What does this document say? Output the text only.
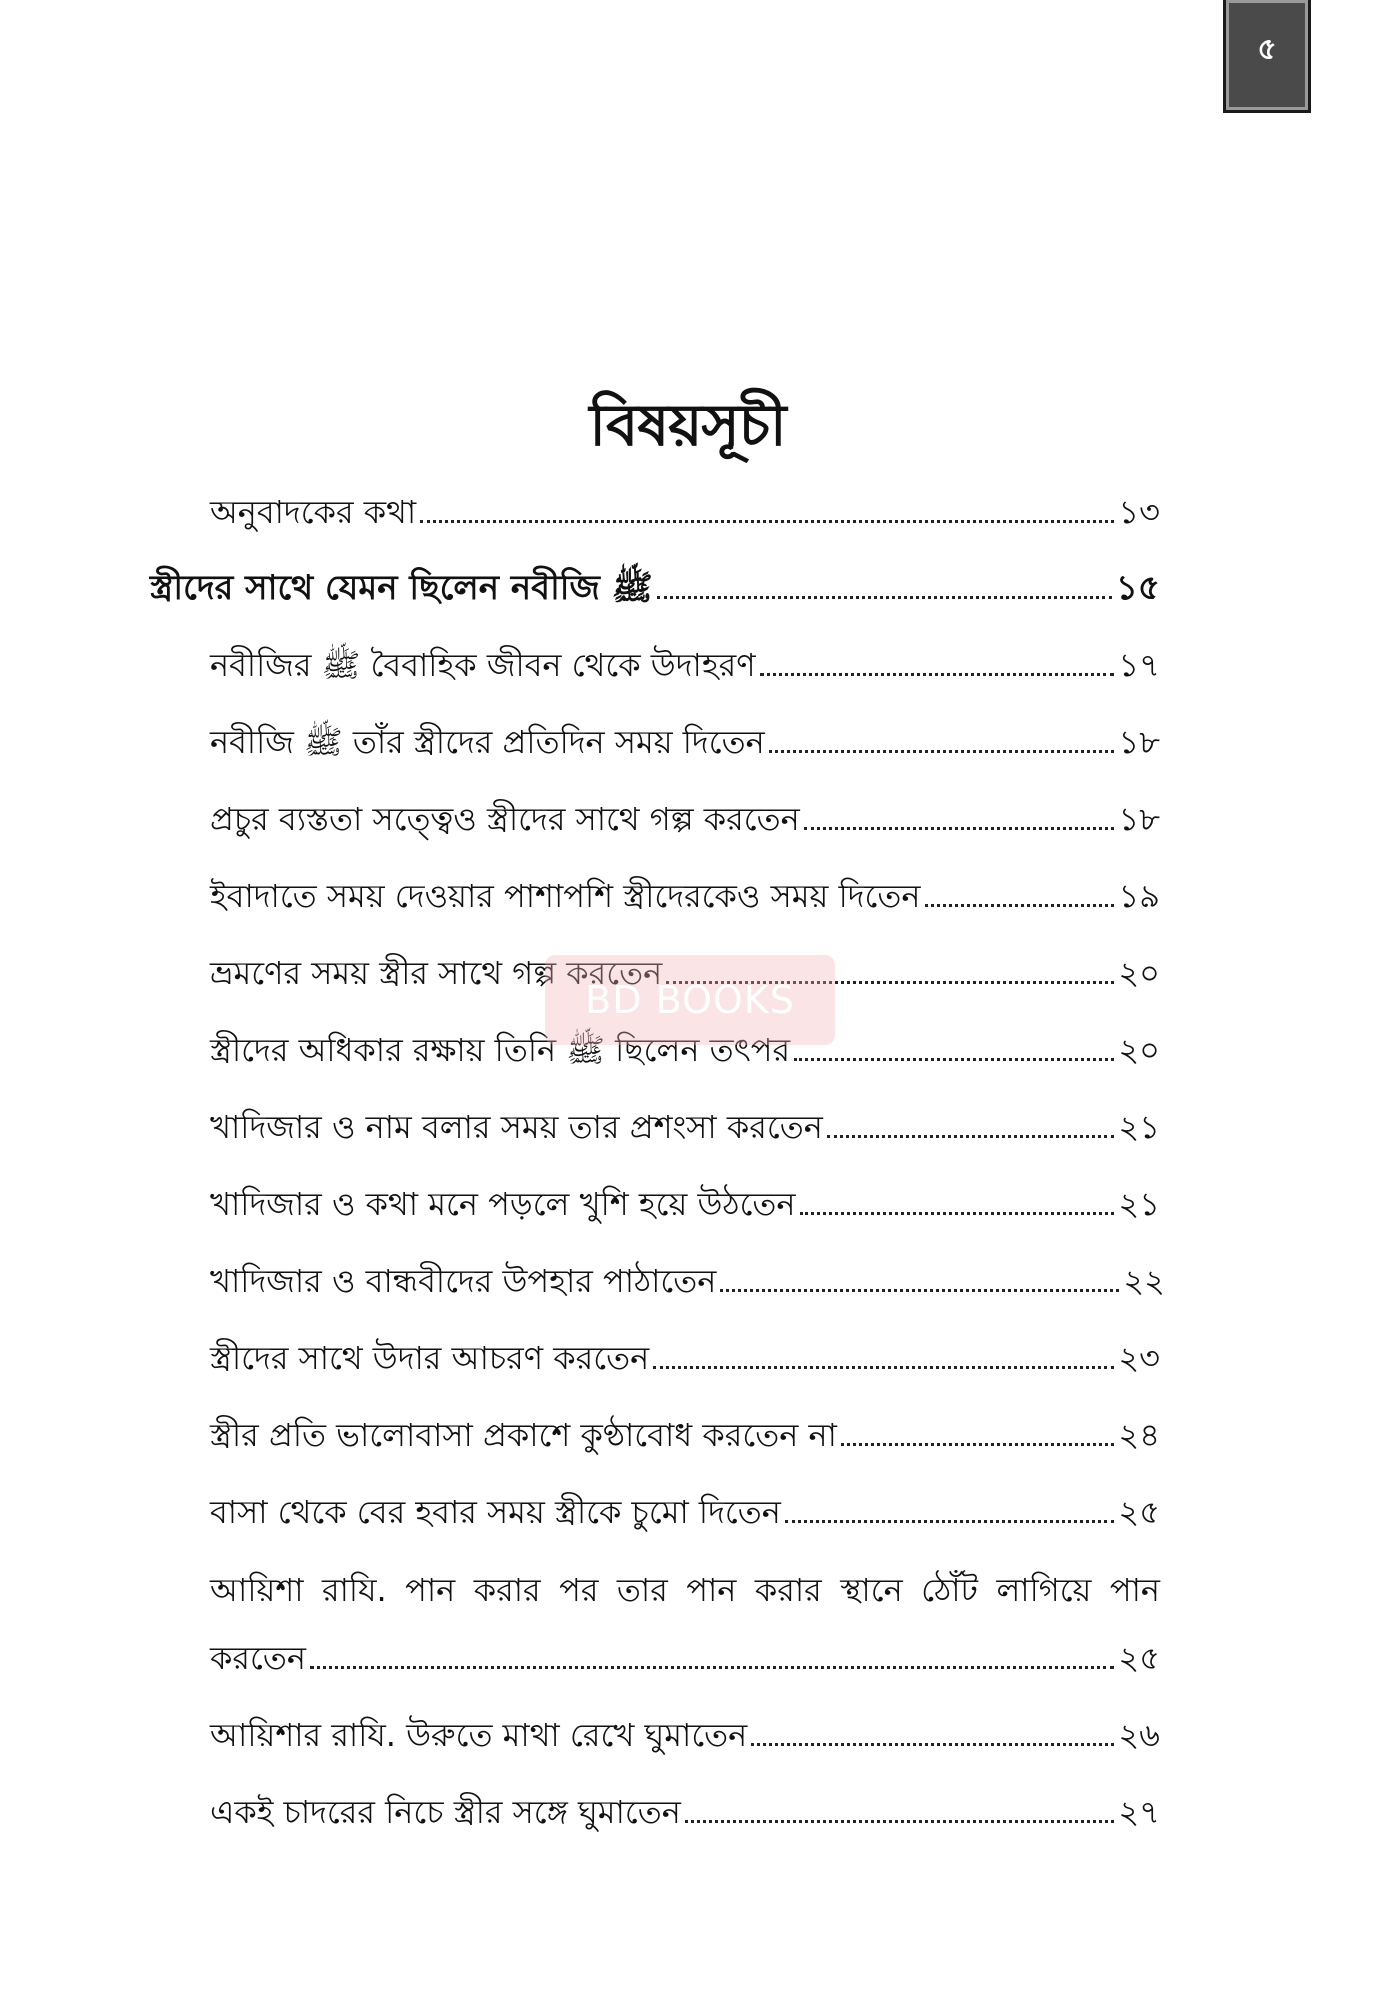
৫
বিষয়সূচী
অনুবাদকের কথা	১৩
স্ত্রীদের সাথে যেমন ছিলেন নবীজি ﷺ	১৫
নবীজির ﷺ বৈবাহিক জীবন থেকে উদাহরণ	১৭
নবীজি ﷺ তাঁর স্ত্রীদের প্রতিদিন সময় দিতেন	১৮
প্রচুর ব্যস্ততা সত্ত্বেও স্ত্রীদের সাথে গল্প করতেন	১৮
ইবাদাতে সময় দেওয়ার পাশাপশি স্ত্রীদেরকেও সময় দিতেন	১৯
ভ্রমণের সময় স্ত্রীর সাথে গল্প করতেন	২০
স্ত্রীদের অধিকার রক্ষায় তিনি ﷺ ছিলেন তৎপর	২০
খাদিজার ও নাম বলার সময় তার প্রশংসা করতেন	২১
খাদিজার ও কথা মনে পড়লে খুশি হয়ে উঠতেন	২১
খাদিজার ও বান্ধবীদের উপহার পাঠাতেন	২২
স্ত্রীদের সাথে উদার আচরণ করতেন	২৩
স্ত্রীর প্রতি ভালোবাসা প্রকাশে কুণ্ঠাবোধ করতেন না	২৪
বাসা থেকে বের হবার সময় স্ত্রীকে চুমো দিতেন	২৫
আয়িশা রাযি. পান করার পর তার পান করার স্থানে ঠোঁট লাগিয়ে পান
করতেন	২৫
আয়িশার রাযি. উরুতে মাথা রেখে ঘুমাতেন	২৬
একই চাদরের নিচে স্ত্রীর সঙ্গে ঘুমাতেন	২৭
BD BOOKS
